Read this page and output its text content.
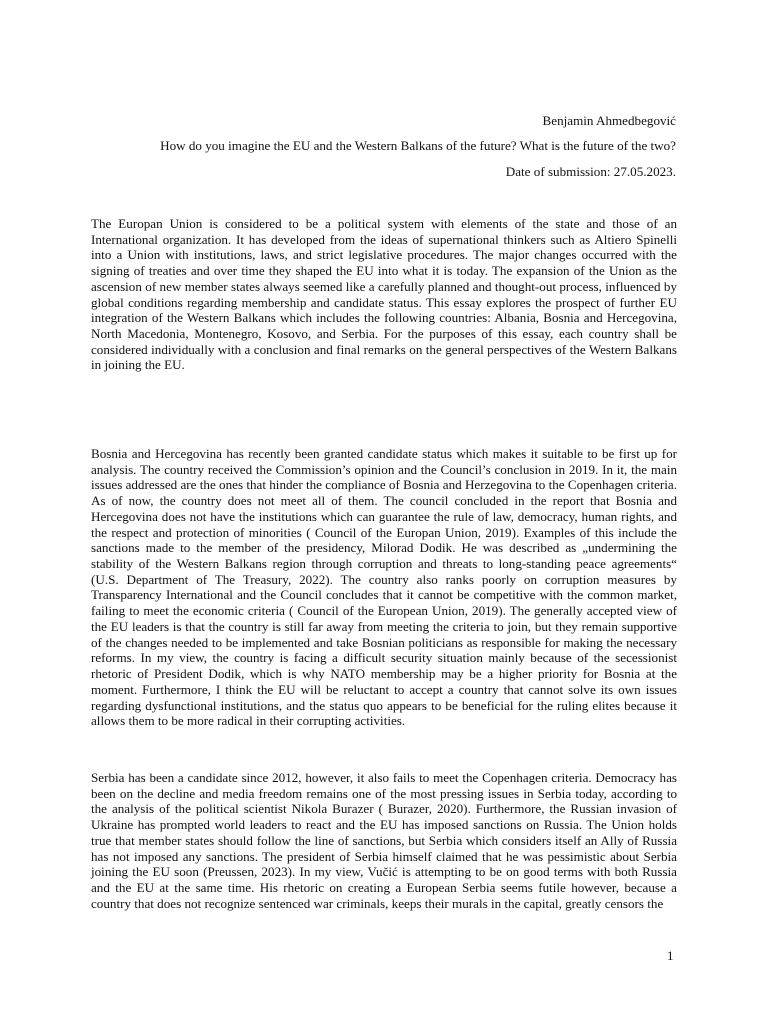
Benjamin Ahmedbegović
How do you imagine the EU and the Western Balkans of the future? What is the future of the two?
Date of submission: 27.05.2023.

The Europan Union is considered to be a political system with elements of the state and those of an International organization. It has developed from the ideas of supernational thinkers such as Altiero Spinelli into a Union with institutions, laws, and strict legislative procedures. The major changes occurred with the signing of treaties and over time they shaped the EU into what it is today. The expansion of the Union as the ascension of new member states always seemed like a carefully planned and thought-out process, influenced by global conditions regarding membership and candidate status. This essay explores the prospect of further EU integration of the Western Balkans which includes the following countries: Albania, Bosnia and Hercegovina, North Macedonia, Montenegro, Kosovo, and Serbia. For the purposes of this essay, each country shall be considered individually with a conclusion and final remarks on the general perspectives of the Western Balkans in joining the EU.

Bosnia and Hercegovina has recently been granted candidate status which makes it suitable to be first up for analysis. The country received the Commission’s opinion and the Council’s conclusion in 2019. In it, the main issues addressed are the ones that hinder the compliance of Bosnia and Herzegovina to the Copenhagen criteria. As of now, the country does not meet all of them. The council concluded in the report that Bosnia and Hercegovina does not have the institutions which can guarantee the rule of law, democracy, human rights, and the respect and protection of minorities ( Council of the Europan Union, 2019). Examples of this include the sanctions made to the member of the presidency, Milorad Dodik. He was described as „undermining the stability of the Western Balkans region through corruption and threats to long-standing peace agreements“ (U.S. Department of The Treasury, 2022). The country also ranks poorly on corruption measures by Transparency International and the Council concludes that it cannot be competitive with the common market, failing to meet the economic criteria ( Council of the European Union, 2019). The generally accepted view of the EU leaders is that the country is still far away from meeting the criteria to join, but they remain supportive of the changes needed to be implemented and take Bosnian politicians as responsible for making the necessary reforms. In my view, the country is facing a difficult security situation mainly because of the secessionist rhetoric of President Dodik, which is why NATO membership may be a higher priority for Bosnia at the moment. Furthermore, I think the EU will be reluctant to accept a country that cannot solve its own issues regarding dysfunctional institutions, and the status quo appears to be beneficial for the ruling elites because it allows them to be more radical in their corrupting activities.

Serbia has been a candidate since 2012, however, it also fails to meet the Copenhagen criteria. Democracy has been on the decline and media freedom remains one of the most pressing issues in Serbia today, according to the analysis of the political scientist Nikola Burazer ( Burazer, 2020). Furthermore, the Russian invasion of Ukraine has prompted world leaders to react and the EU has imposed sanctions on Russia. The Union holds true that member states should follow the line of sanctions, but Serbia which considers itself an Ally of Russia has not imposed any sanctions. The president of Serbia himself claimed that he was pessimistic about Serbia joining the EU soon (Preussen, 2023). In my view, Vučić is attempting to be on good terms with both Russia and the EU at the same time. His rhetoric on creating a European Serbia seems futile however, because a country that does not recognize sentenced war criminals, keeps their murals in the capital, greatly censors the

1
